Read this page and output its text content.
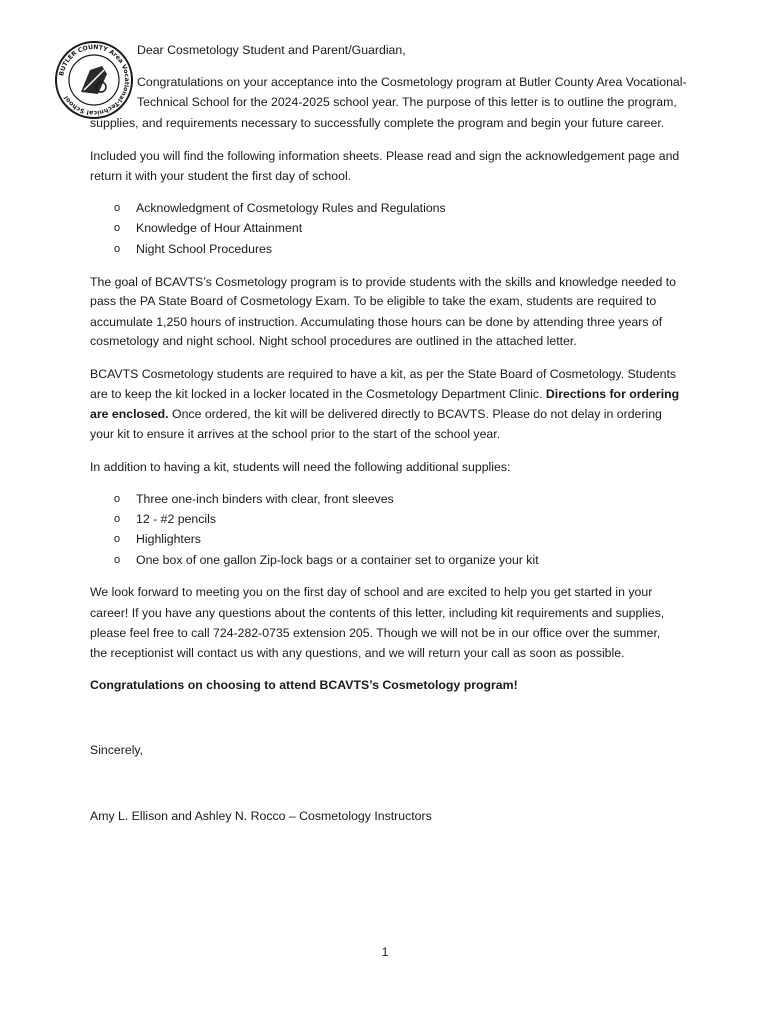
BUTLER COUNTY Area Vocational-Technical School
Dear Cosmetology Student and Parent/Guardian,
Congratulations on your acceptance into the Cosmetology program at Butler County Area Vocational-
Technical School for the 2024-2025 school year. The purpose of this letter is to outline the program,
supplies, and requirements necessary to successfully complete the program and begin your future career.
Included you will find the following information sheets. Please read and sign the acknowledgement page and
return it with your student the first day of school.
o Acknowledgment of Cosmetology Rules and Regulations
o Knowledge of Hour Attainment
o Night School Procedures
The goal of BCAVTS’s Cosmetology program is to provide students with the skills and knowledge needed to
pass the PA State Board of Cosmetology Exam. To be eligible to take the exam, students are required to
accumulate 1,250 hours of instruction. Accumulating those hours can be done by attending three years of
cosmetology and night school. Night school procedures are outlined in the attached letter.
BCAVTS Cosmetology students are required to have a kit, as per the State Board of Cosmetology. Students
are to keep the kit locked in a locker located in the Cosmetology Department Clinic. Directions for ordering
are enclosed. Once ordered, the kit will be delivered directly to BCAVTS. Please do not delay in ordering
your kit to ensure it arrives at the school prior to the start of the school year.
In addition to having a kit, students will need the following additional supplies:
o Three one-inch binders with clear, front sleeves
o 12 - #2 pencils
o Highlighters
o One box of one gallon Zip-lock bags or a container set to organize your kit
We look forward to meeting you on the first day of school and are excited to help you get started in your
career! If you have any questions about the contents of this letter, including kit requirements and supplies,
please feel free to call 724-282-0735 extension 205. Though we will not be in our office over the summer,
the receptionist will contact us with any questions, and we will return your call as soon as possible.
Congratulations on choosing to attend BCAVTS’s Cosmetology program!
Sincerely,
Amy L. Ellison and Ashley N. Rocco – Cosmetology Instructors
1
